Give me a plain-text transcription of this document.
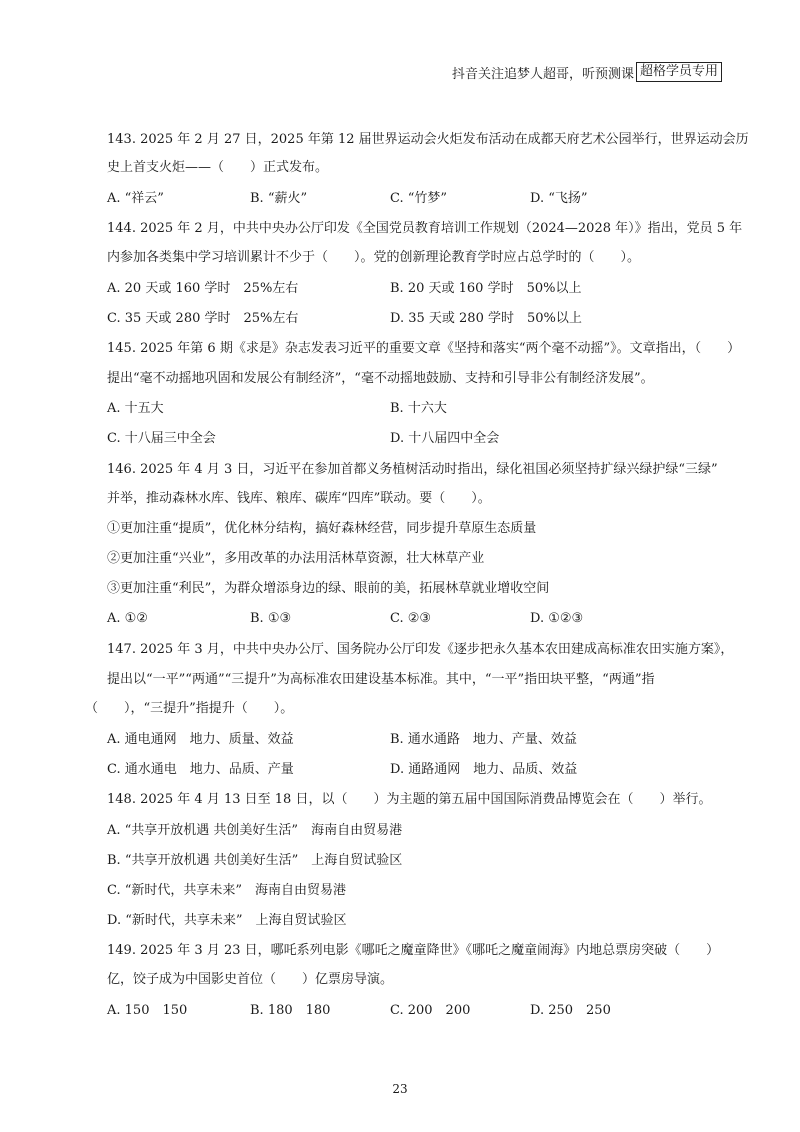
抖音关注追梦人超哥，听预测课 超格学员专用
143. 2025 年 2 月 27 日，2025 年第 12 届世界运动会火炬发布活动在成都天府艺术公园举行，世界运动会历
史上首支火炬——（　　）正式发布。
A. “祥云”	B. “薪火”	C. “竹梦”	D. “飞扬”
144. 2025 年 2 月，中共中央办公厅印发《全国党员教育培训工作规划（2024—2028 年）》指出，党员 5 年
内参加各类集中学习培训累计不少于（　　）。党的创新理论教育学时应占总学时的（　　）。
A. 20 天或 160 学时　25%左右	B. 20 天或 160 学时　50%以上
C. 35 天或 280 学时　25%左右	D. 35 天或 280 学时　50%以上
145. 2025 年第 6 期《求是》杂志发表习近平的重要文章《坚持和落实“两个毫不动摇”》。文章指出，（　　）
提出“毫不动摇地巩固和发展公有制经济”，“毫不动摇地鼓励、支持和引导非公有制经济发展”。
A. 十五大	B. 十六大
C. 十八届三中全会	D. 十八届四中全会
146. 2025 年 4 月 3 日，习近平在参加首都义务植树活动时指出，绿化祖国必须坚持扩绿兴绿护绿“三绿”
并举，推动森林水库、钱库、粮库、碳库“四库”联动。要（　　）。
①更加注重“提质”，优化林分结构，搞好森林经营，同步提升草原生态质量
②更加注重“兴业”，多用改革的办法用活林草资源，壮大林草产业
③更加注重“利民”，为群众增添身边的绿、眼前的美，拓展林草就业增收空间
A. ①②	B. ①③	C. ②③	D. ①②③
147. 2025 年 3 月，中共中央办公厅、国务院办公厅印发《逐步把永久基本农田建成高标准农田实施方案》，
提出以“一平”“两通”“三提升”为高标准农田建设基本标准。其中，“一平”指田块平整，“两通”指
（　　），“三提升”指提升（　　）。
A. 通电通网　地力、质量、效益	B. 通水通路　地力、产量、效益
C. 通水通电　地力、品质、产量	D. 通路通网　地力、品质、效益
148. 2025 年 4 月 13 日至 18 日，以（　　）为主题的第五届中国国际消费品博览会在（　　）举行。
A. “共享开放机遇 共创美好生活”　海南自由贸易港
B. “共享开放机遇 共创美好生活”　上海自贸试验区
C. “新时代，共享未来”　海南自由贸易港
D. “新时代，共享未来”　上海自贸试验区
149. 2025 年 3 月 23 日，哪吒系列电影《哪吒之魔童降世》《哪吒之魔童闹海》内地总票房突破（　　）
亿，饺子成为中国影史首位（　　）亿票房导演。
A. 150　150	B. 180　180	C. 200　200	D. 250　250
23
